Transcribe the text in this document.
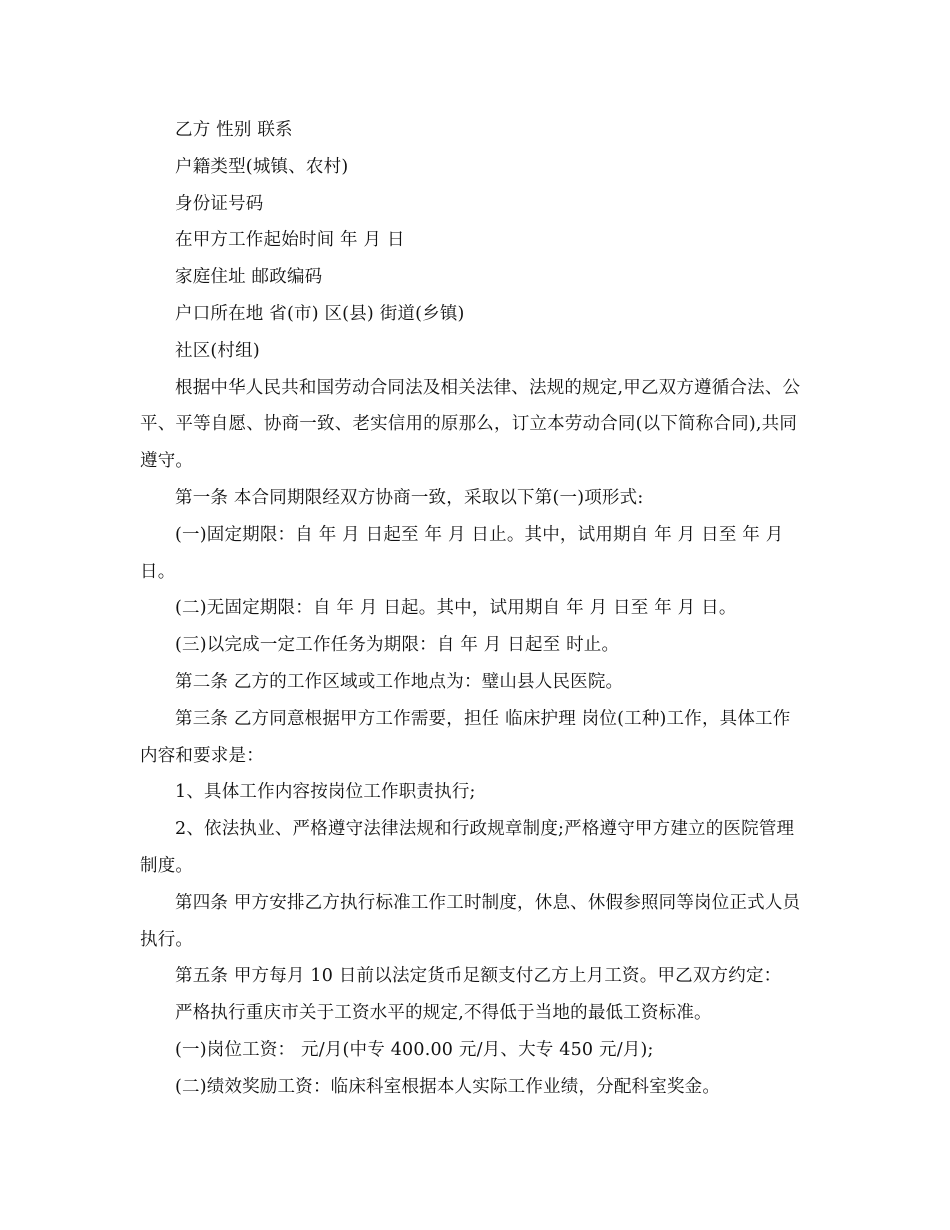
乙方 性别 联系

户籍类型(城镇、农村)

身份证号码

在甲方工作起始时间 年 月 日

家庭住址 邮政编码

户口所在地 省(市) 区(县) 街道(乡镇)

社区(村组)

根据中华人民共和国劳动合同法及相关法律、法规的规定,甲乙双方遵循合法、公平、平等自愿、协商一致、老实信用的原那么，订立本劳动合同(以下简称合同),共同遵守。

第一条 本合同期限经双方协商一致，采取以下第(一)项形式:

(一)固定期限：自 年 月 日起至 年 月 日止。其中，试用期自 年 月 日至 年 月 日。

(二)无固定期限：自 年 月 日起。其中，试用期自 年 月 日至 年 月 日。

(三)以完成一定工作任务为期限：自 年 月 日起至 时止。

第二条 乙方的工作区域或工作地点为：璧山县人民医院。

第三条 乙方同意根据甲方工作需要，担任 临床护理 岗位(工种)工作，具体工作内容和要求是：

1、具体工作内容按岗位工作职责执行;

2、依法执业、严格遵守法律法规和行政规章制度;严格遵守甲方建立的医院管理制度。

第四条 甲方安排乙方执行标准工作工时制度，休息、休假参照同等岗位正式人员执行。

第五条 甲方每月 10 日前以法定货币足额支付乙方上月工资。甲乙双方约定：

严格执行重庆市关于工资水平的规定,不得低于当地的最低工资标准。

(一)岗位工资： 元/月(中专 400.00 元/月、大专 450 元/月);

(二)绩效奖励工资：临床科室根据本人实际工作业绩，分配科室奖金。
